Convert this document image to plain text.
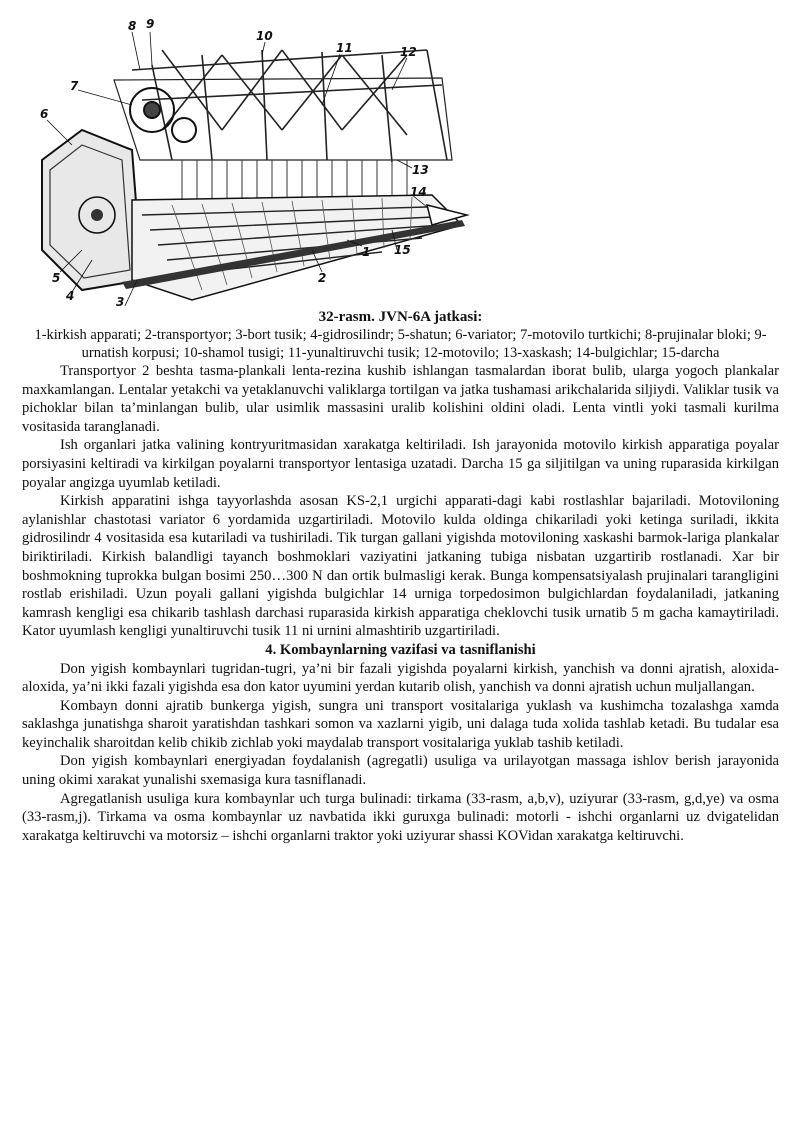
8 9
10
11	12
7
6
13
14
15
1
2
5
4	3
32-rasm. JVN-6A jatkasi:
1-kirkish apparati; 2-transportyor; 3-bort tusik; 4-gidrosilindr; 5-shatun; 6-variator; 7-motovilo turtkichi; 8-prujinalar bloki; 9-urnatish korpusi; 10-shamol tusigi; 11-yunaltiruvchi tusik; 12-motovilo; 13-xaskash; 14-bulgichlar; 15-darcha

Transportyor 2 beshta tasma-plankali lenta-rezina kushib ishlangan tasmalardan iborat bulib, ularga yogoch plankalar maxkamlangan. Lentalar yetakchi va yetaklanuvchi valiklarga tortilgan va jatka tushamasi arikchalarida siljiydi. Valiklar tusik va pichoklar bilan ta’minlangan bulib, ular usimlik massasini uralib kolishini oldini oladi. Lenta vintli yoki tasmali kurilma vositasida taranglanadi.

Ish organlari jatka valining kontryuritmasidan xarakatga keltiriladi. Ish jarayonida motovilo kirkish apparatiga poyalar porsiyasini keltiradi va kirkilgan poyalarni transportyor lentasiga uzatadi. Darcha 15 ga siljitilgan va uning ruparasida kirkilgan poyalar angizga uyumlab ketiladi.

Kirkish apparatini ishga tayyorlashda asosan KS-2,1 urgichi apparati-dagi kabi rostlashlar bajariladi. Motoviloning aylanishlar chastotasi variator 6 yordamida uzgartiriladi. Motovilo kulda oldinga chikariladi yoki ketinga suriladi, ikkita gidrosilindr 4 vositasida esa kutariladi va tushiriladi. Tik turgan gallani yigishda motoviloning xaskashi barmok-lariga plankalar biriktiriladi. Kirkish balandligi tayanch boshmoklari vaziyatini jatkaning tubiga nisbatan uzgartirib rostlanadi. Xar bir boshmokning tuprokka bulgan bosimi 250…300 N dan ortik bulmasligi kerak. Bunga kompensatsiyalash prujinalari tarangligini rostlab erishiladi. Uzun poyali gallani yigishda bulgichlar 14 urniga torpedosimon bulgichlardan foydalaniladi, jatkaning kamrash kengligi esa chikarib tashlash darchasi ruparasida kirkish apparatiga cheklovchi tusik urnatib 5 m gacha kamaytiriladi. Kator uyumlash kengligi yunaltiruvchi tusik 11 ni urnini almashtirib uzgartiriladi.

4. Kombaynlarning vazifasi va tasniflanishi

Don yigish kombaynlari tugridan-tugri, ya’ni bir fazali yigishda poyalarni kirkish, yanchish va donni ajratish, aloxida-aloxida, ya’ni ikki fazali yigishda esa don kator uyumini yerdan kutarib olish, yanchish va donni ajratish uchun muljallangan.

Kombayn donni ajratib bunkerga yigish, sungra uni transport vositalariga yuklash va kushimcha tozalashga xamda saklashga junatishga sharoit yaratishdan tashkari somon va xazlarni yigib, uni dalaga tuda xolida tashlab ketadi. Bu tudalar esa keyinchalik sharoitdan kelib chikib zichlab yoki maydalab transport vositalariga yuklab tashib ketiladi.

Don yigish kombaynlari energiyadan foydalanish (agregatli) usuliga va urilayotgan massaga ishlov berish jarayonida uning okimi xarakat yunalishi sxemasiga kura tasniflanadi.

Agregatlanish usuliga kura kombaynlar uch turga bulinadi: tirkama (33-rasm, a,b,v), uziyurar (33-rasm, g,d,ye) va osma (33-rasm,j). Tirkama va osma kombaynlar uz navbatida ikki guruxga bulinadi: motorli - ishchi organlarni uz dvigatelidan xarakatga keltiruvchi va motorsiz – ishchi organlarni traktor yoki uziyurar shassi KOVidan xarakatga keltiruvchi.
